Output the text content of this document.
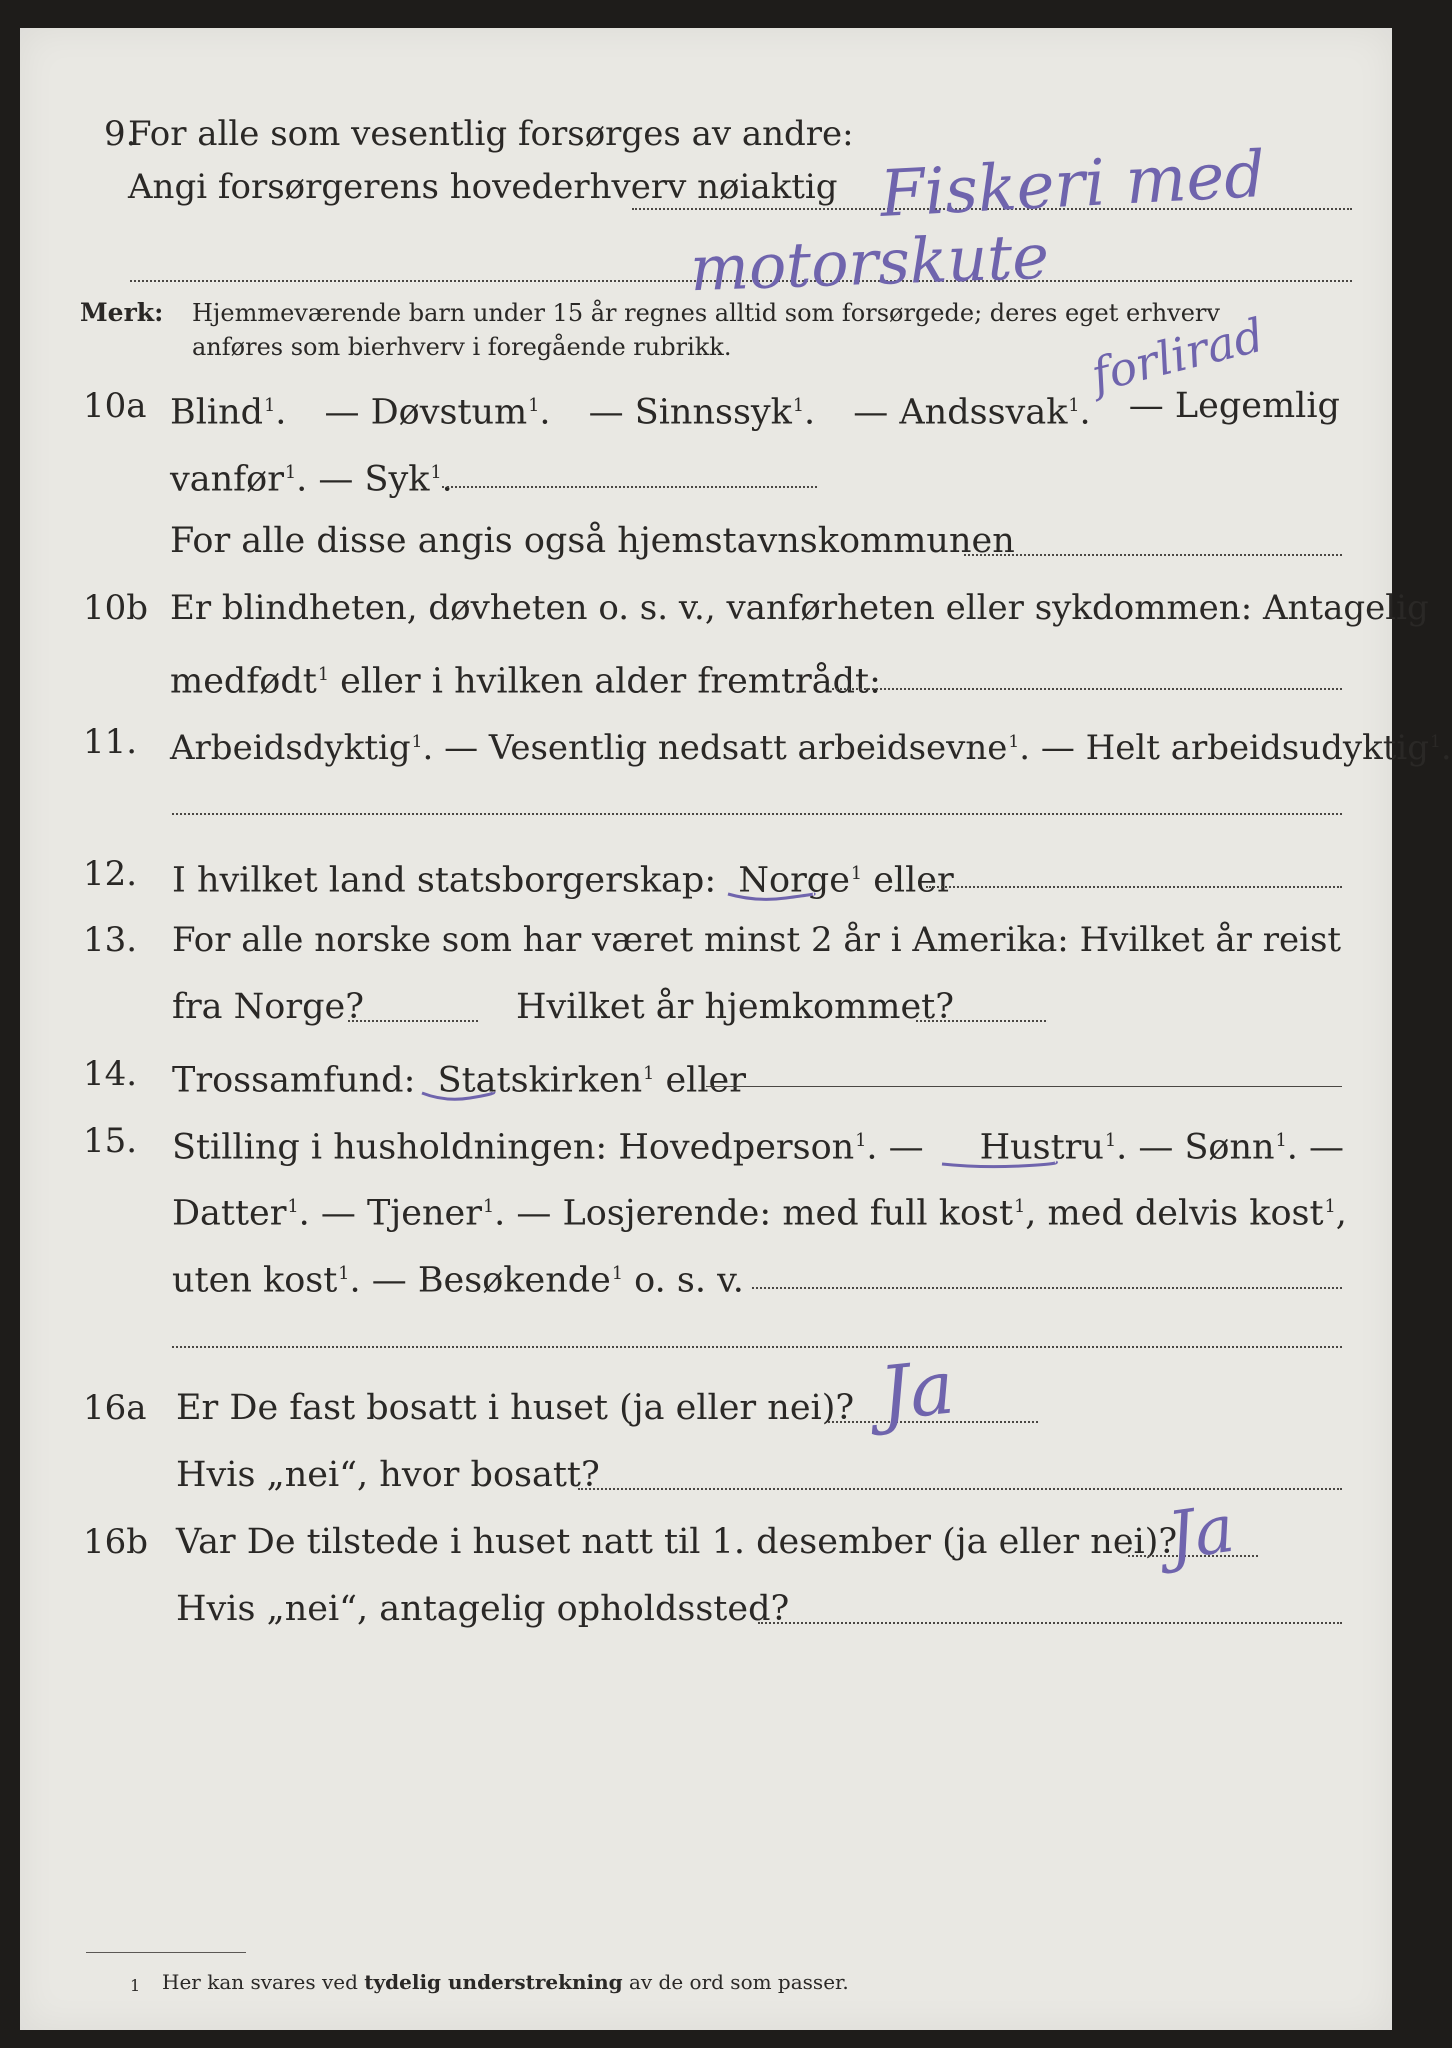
9.
For alle som vesentlig forsørges av andre:
Angi forsørgerens hovederhverv nøiaktig Fiskeri med
motorskute
forlirad
Merk: Hjemmeværende barn under 15 år regnes alltid som forsørgede; deres eget erhverv
anføres som bierhverv i foregående rubrikk.
10a Blind$^1$. — Døvstum$^1$. — Sinnssyk$^1$. — Andssvak$^1$. — Legemlig
vanfør$^1$. — Syk$^1$.
For alle disse angis også hjemstavnskommunen
10b Er blindheten, døvheten o. s. v., vanførheten eller sykdommen: Antagelig
medfødt$^1$ eller i hvilken alder fremtrådt:
11. Arbeidsdyktig$^1$. — Vesentlig nedsatt arbeidsevne$^1$. — Helt arbeidsudyktig$^1$.
12. I hvilket land statsborgerskap: Norge$^1$ eller
13. For alle norske som har været minst 2 år i Amerika: Hvilket år reist
fra Norge?	Hvilket år hjemkommet?
14. Trossamfund: Statskirken$^1$ eller
15. Stilling i husholdningen: Hovedperson$^1$. — Hustru$^1$. — Sønn$^1$. —
Datter$^1$. — Tjener$^1$. — Losjerende: med full kost$^1$, med delvis kost$^1$,
uten kost$^1$. — Besøkende$^1$ o. s. v.
16a Er De fast bosatt i huset (ja eller nei)? Ja
Hvis „nei“, hvor bosatt?
16b Var De tilstede i huset natt til 1. desember (ja eller nei)?
Ja
Hvis „nei“, antagelig opholdssted?
1 Her kan svares ved tydelig understrekning av de ord som passer.
